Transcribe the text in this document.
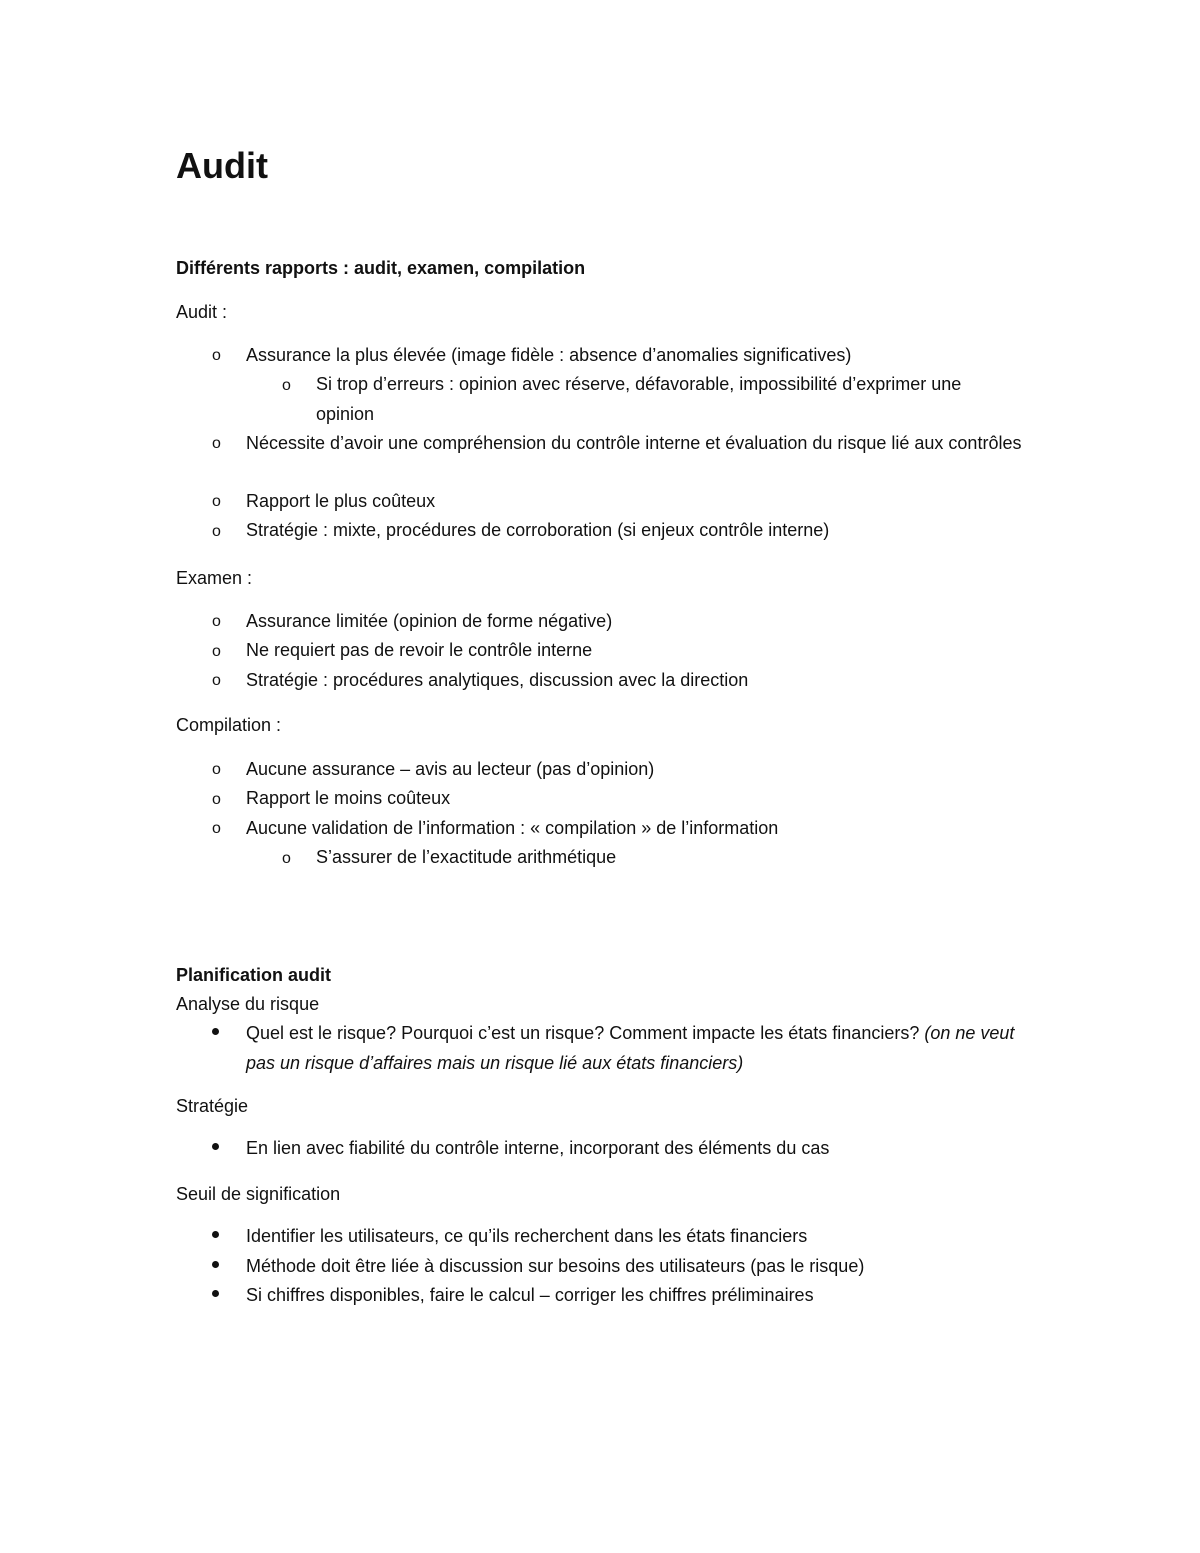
Audit
Différents rapports : audit, examen, compilation
Audit :
o Assurance la plus élevée (image fidèle : absence d’anomalies significatives)
o Si trop d’erreurs : opinion avec réserve, défavorable, impossibilité d’exprimer une opinion
o Nécessite d’avoir une compréhension du contrôle interne et évaluation du risque lié aux contrôles
o Rapport le plus coûteux
o Stratégie : mixte, procédures de corroboration (si enjeux contrôle interne)
Examen :
o Assurance limitée (opinion de forme négative)
o Ne requiert pas de revoir le contrôle interne
o Stratégie : procédures analytiques, discussion avec la direction
Compilation :
o Aucune assurance – avis au lecteur (pas d’opinion)
o Rapport le moins coûteux
o Aucune validation de l’information : « compilation » de l’information
o S’assurer de l’exactitude arithmétique
Planification audit
Analyse du risque
Quel est le risque? Pourquoi c’est un risque? Comment impacte les états financiers? (on ne veut pas un risque d’affaires mais un risque lié aux états financiers)
Stratégie
En lien avec fiabilité du contrôle interne, incorporant des éléments du cas
Seuil de signification
Identifier les utilisateurs, ce qu’ils recherchent dans les états financiers
Méthode doit être liée à discussion sur besoins des utilisateurs (pas le risque)
Si chiffres disponibles, faire le calcul – corriger les chiffres préliminaires
